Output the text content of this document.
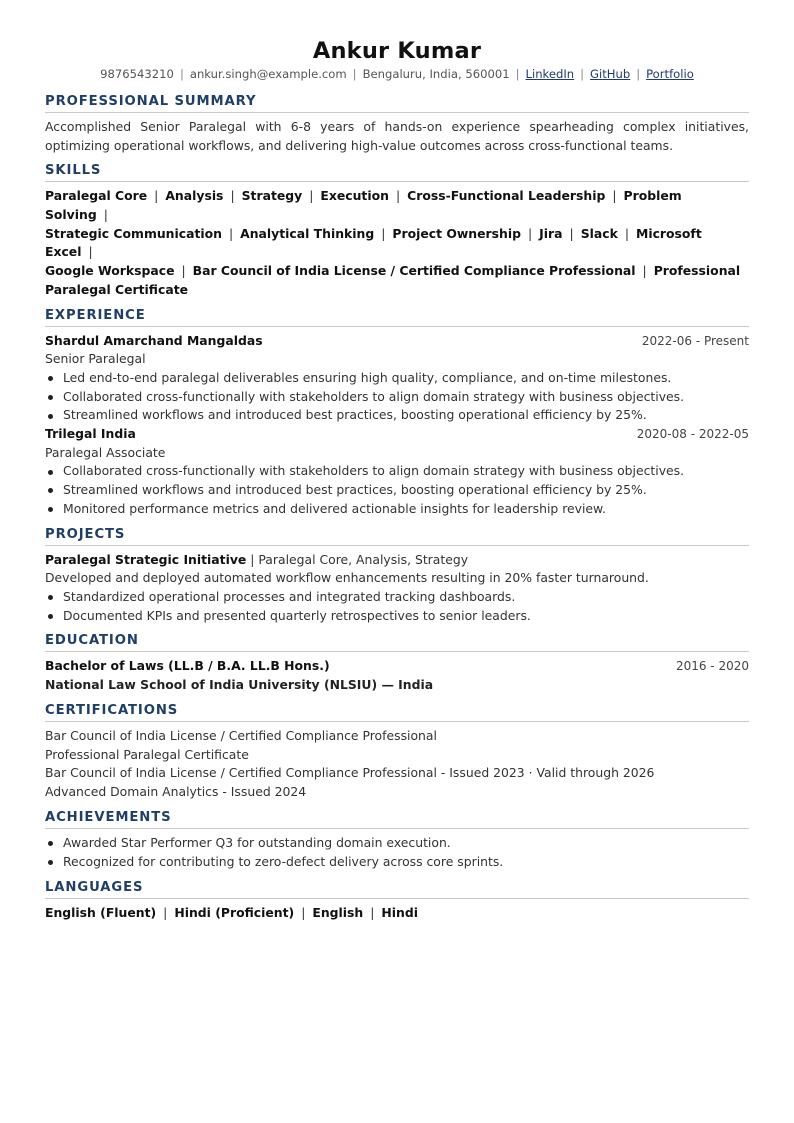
Ankur Kumar
9876543210 | ankur.singh@example.com | Bengaluru, India, 560001 | LinkedIn | GitHub | Portfolio
PROFESSIONAL SUMMARY
Accomplished Senior Paralegal with 6-8 years of hands-on experience spearheading complex initiatives, optimizing operational workflows, and delivering high-value outcomes across cross-functional teams.
SKILLS
Paralegal Core | Analysis | Strategy | Execution | Cross-Functional Leadership | Problem Solving |
Strategic Communication | Analytical Thinking | Project Ownership | Jira | Slack | Microsoft Excel |
Google Workspace | Bar Council of India License / Certified Compliance Professional | Professional Paralegal Certificate
EXPERIENCE
Shardul Amarchand Mangaldas	2022-06 - Present
Senior Paralegal
Led end-to-end paralegal deliverables ensuring high quality, compliance, and on-time milestones.
Collaborated cross-functionally with stakeholders to align domain strategy with business objectives.
Streamlined workflows and introduced best practices, boosting operational efficiency by 25%.
Trilegal India	2020-08 - 2022-05
Paralegal Associate
Collaborated cross-functionally with stakeholders to align domain strategy with business objectives.
Streamlined workflows and introduced best practices, boosting operational efficiency by 25%.
Monitored performance metrics and delivered actionable insights for leadership review.
PROJECTS
Paralegal Strategic Initiative | Paralegal Core, Analysis, Strategy
Developed and deployed automated workflow enhancements resulting in 20% faster turnaround.
Standardized operational processes and integrated tracking dashboards.
Documented KPIs and presented quarterly retrospectives to senior leaders.
EDUCATION
Bachelor of Laws (LL.B / B.A. LL.B Hons.)	2016 - 2020
National Law School of India University (NLSIU) — India
CERTIFICATIONS
Bar Council of India License / Certified Compliance Professional
Professional Paralegal Certificate
Bar Council of India License / Certified Compliance Professional - Issued 2023 · Valid through 2026
Advanced Domain Analytics - Issued 2024
ACHIEVEMENTS
Awarded Star Performer Q3 for outstanding domain execution.
Recognized for contributing to zero-defect delivery across core sprints.
LANGUAGES
English (Fluent) | Hindi (Proficient) | English | Hindi
